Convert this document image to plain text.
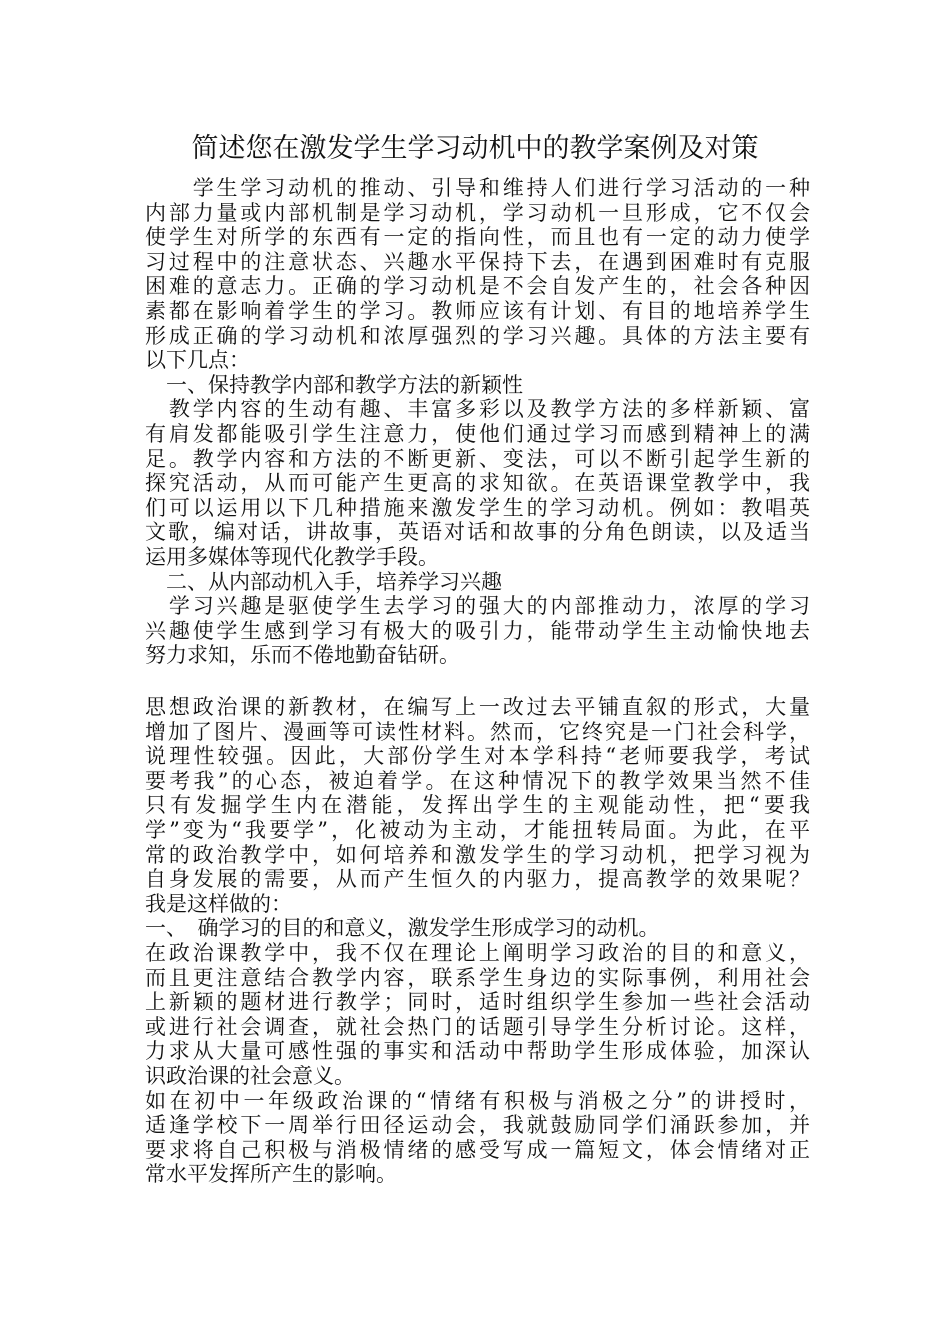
简述您在激发学生学习动机中的教学案例及对策
　　学生学习动机的推动、引导和维持人们进行学习活动的一种
内部力量或内部机制是学习动机，学习动机一旦形成，它不仅会
使学生对所学的东西有一定的指向性，而且也有一定的动力使学
习过程中的注意状态、兴趣水平保持下去，在遇到困难时有克服
困难的意志力。正确的学习动机是不会自发产生的，社会各种因
素都在影响着学生的学习。教师应该有计划、有目的地培养学生
形成正确的学习动机和浓厚强烈的学习兴趣。具体的方法主要有
以下几点：
　一、保持教学内部和教学方法的新颖性
　教学内容的生动有趣、丰富多彩以及教学方法的多样新颖、富
有肩发都能吸引学生注意力，使他们通过学习而感到精神上的满
足。教学内容和方法的不断更新、变法，可以不断引起学生新的
探究活动，从而可能产生更高的求知欲。在英语课堂教学中，我
们可以运用以下几种措施来激发学生的学习动机。例如：教唱英
文歌，编对话，讲故事，英语对话和故事的分角色朗读，以及适当
运用多媒体等现代化教学手段。
　二、从内部动机入手，培养学习兴趣
　学习兴趣是驱使学生去学习的强大的内部推动力，浓厚的学习
兴趣使学生感到学习有极大的吸引力，能带动学生主动愉快地去
努力求知，乐而不倦地勤奋钻研。
思想政治课的新教材，在编写上一改过去平铺直叙的形式，大量
增加了图片、漫画等可读性材料。然而，它终究是一门社会科学，
说理性较强。因此，大部份学生对本学科持“老师要我学，考试
要考我”的心态，被迫着学。在这种情况下的教学效果当然不佳
只有发掘学生内在潜能，发挥出学生的主观能动性，把“要我
学”变为“我要学”，化被动为主动，才能扭转局面。为此，在平
常的政治教学中，如何培养和激发学生的学习动机，把学习视为
自身发展的需要，从而产生恒久的内驱力，提高教学的效果呢？
我是这样做的：
一、　确学习的目的和意义，激发学生形成学习的动机。
在政治课教学中，我不仅在理论上阐明学习政治的目的和意义，
而且更注意结合教学内容，联系学生身边的实际事例，利用社会
上新颖的题材进行教学；同时，适时组织学生参加一些社会活动
或进行社会调查，就社会热门的话题引导学生分析讨论。这样，
力求从大量可感性强的事实和活动中帮助学生形成体验，加深认
识政治课的社会意义。
如在初中一年级政治课的“情绪有积极与消极之分”的讲授时，
适逢学校下一周举行田径运动会，我就鼓励同学们涌跃参加，并
要求将自己积极与消极情绪的感受写成一篇短文，体会情绪对正
常水平发挥所产生的影响。
